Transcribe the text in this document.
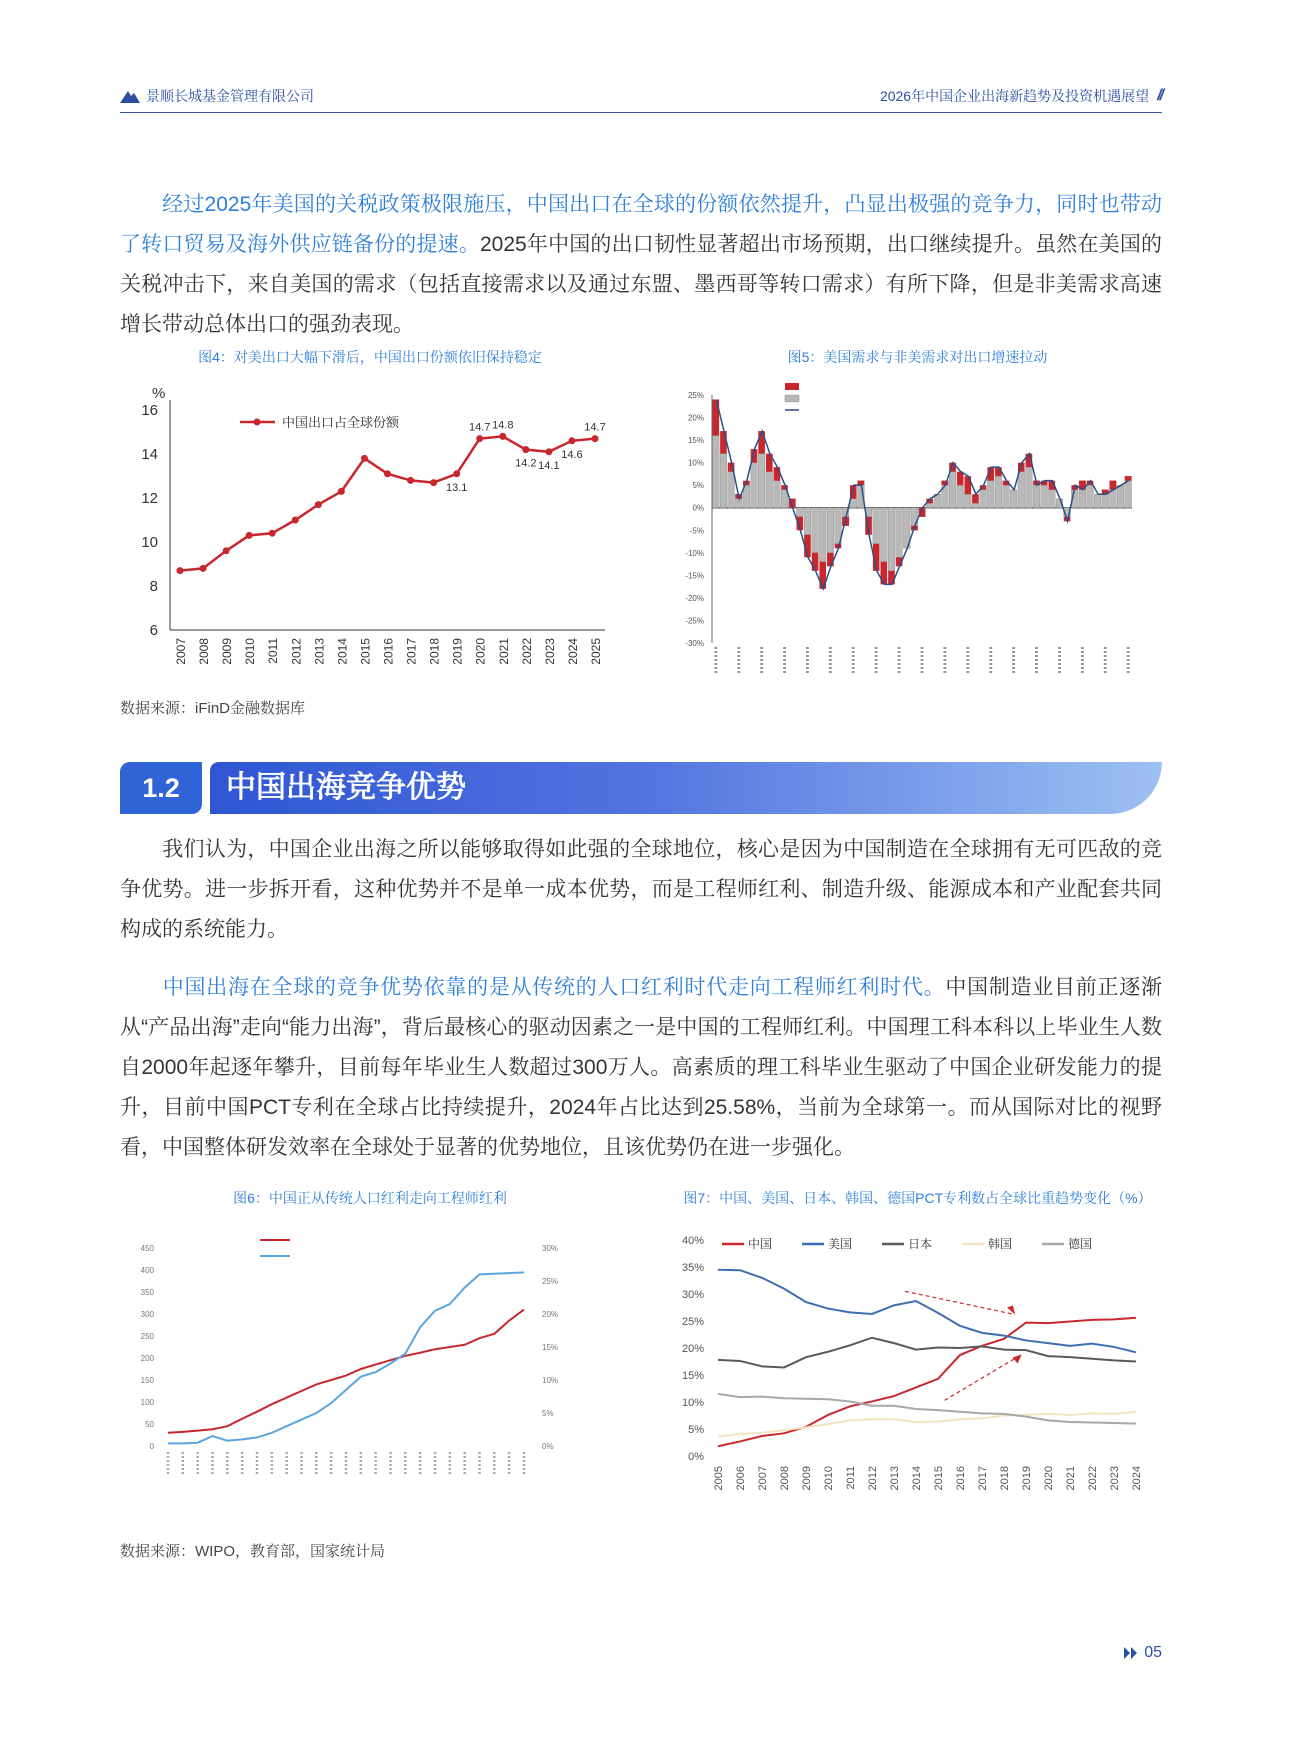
景顺长城基金管理有限公司	2026年中国企业出海新趋势及投资机遇展望 //
经过2025年美国的关税政策极限施压，中国出口在全球的份额依然提升，凸显出极强的竞争力，同时也带动了转口贸易及海外供应链备份的提速。2025年中国的出口韧性显著超出市场预期，出口继续提升。虽然在美国的关税冲击下，来自美国的需求（包括直接需求以及通过东盟、墨西哥等转口需求）有所下降，但是非美需求高速增长带动总体出口的强劲表现。
图4：对美出口大幅下滑后，中国出口份额依旧保持稳定
%
16
14
12
10
8
6
2007 2008 2009 2010 2011 2012 2013 2014 2015 2016 2017 2018 2019 2020 2021 2022 2023 2024 2025
中国出口占全球份额
13.1
14.7 14.8
14.2 14.1
14.6
14.7
图5：美国需求与非美需求对出口增速拉动
25%
20%
15%
10%
5%
0%
-5%
-10%
-15%
-20%
-25%
-30%
数据来源：iFinD金融数据库
1.2	中国出海竞争优势
我们认为，中国企业出海之所以能够取得如此强的全球地位，核心是因为中国制造在全球拥有无可匹敌的竞争优势。进一步拆开看，这种优势并不是单一成本优势，而是工程师红利、制造升级、能源成本和产业配套共同构成的系统能力。
中国出海在全球的竞争优势依靠的是从传统的人口红利时代走向工程师红利时代。中国制造业目前正逐渐从“产品出海”走向“能力出海”，背后最核心的驱动因素之一是中国的工程师红利。中国理工科本科以上毕业生人数自2000年起逐年攀升，目前每年毕业生人数超过300万人。高素质的理工科毕业生驱动了中国企业研发能力的提升，目前中国PCT专利在全球占比持续提升，2024年占比达到25.58%，当前为全球第一。而从国际对比的视野看，中国整体研发效率在全球处于显著的优势地位，且该优势仍在进一步强化。
图6：中国正从传统人口红利走向工程师红利
450
400
350
300
250
200
150
100
50
0
30%
25%
20%
15%
10%
5%
0%
图7：中国、美国、日本、韩国、德国PCT专利数占全球比重趋势变化（%）
40%
35%
30%
25%
20%
15%
10%
5%
0%
中国	美国	日本	韩国	德国
2005 2006 2007 2008 2009 2010 2011 2012 2013 2014 2015 2016 2017 2018 2019 2020 2021 2022 2023 2024
数据来源：WIPO，教育部，国家统计局
05
